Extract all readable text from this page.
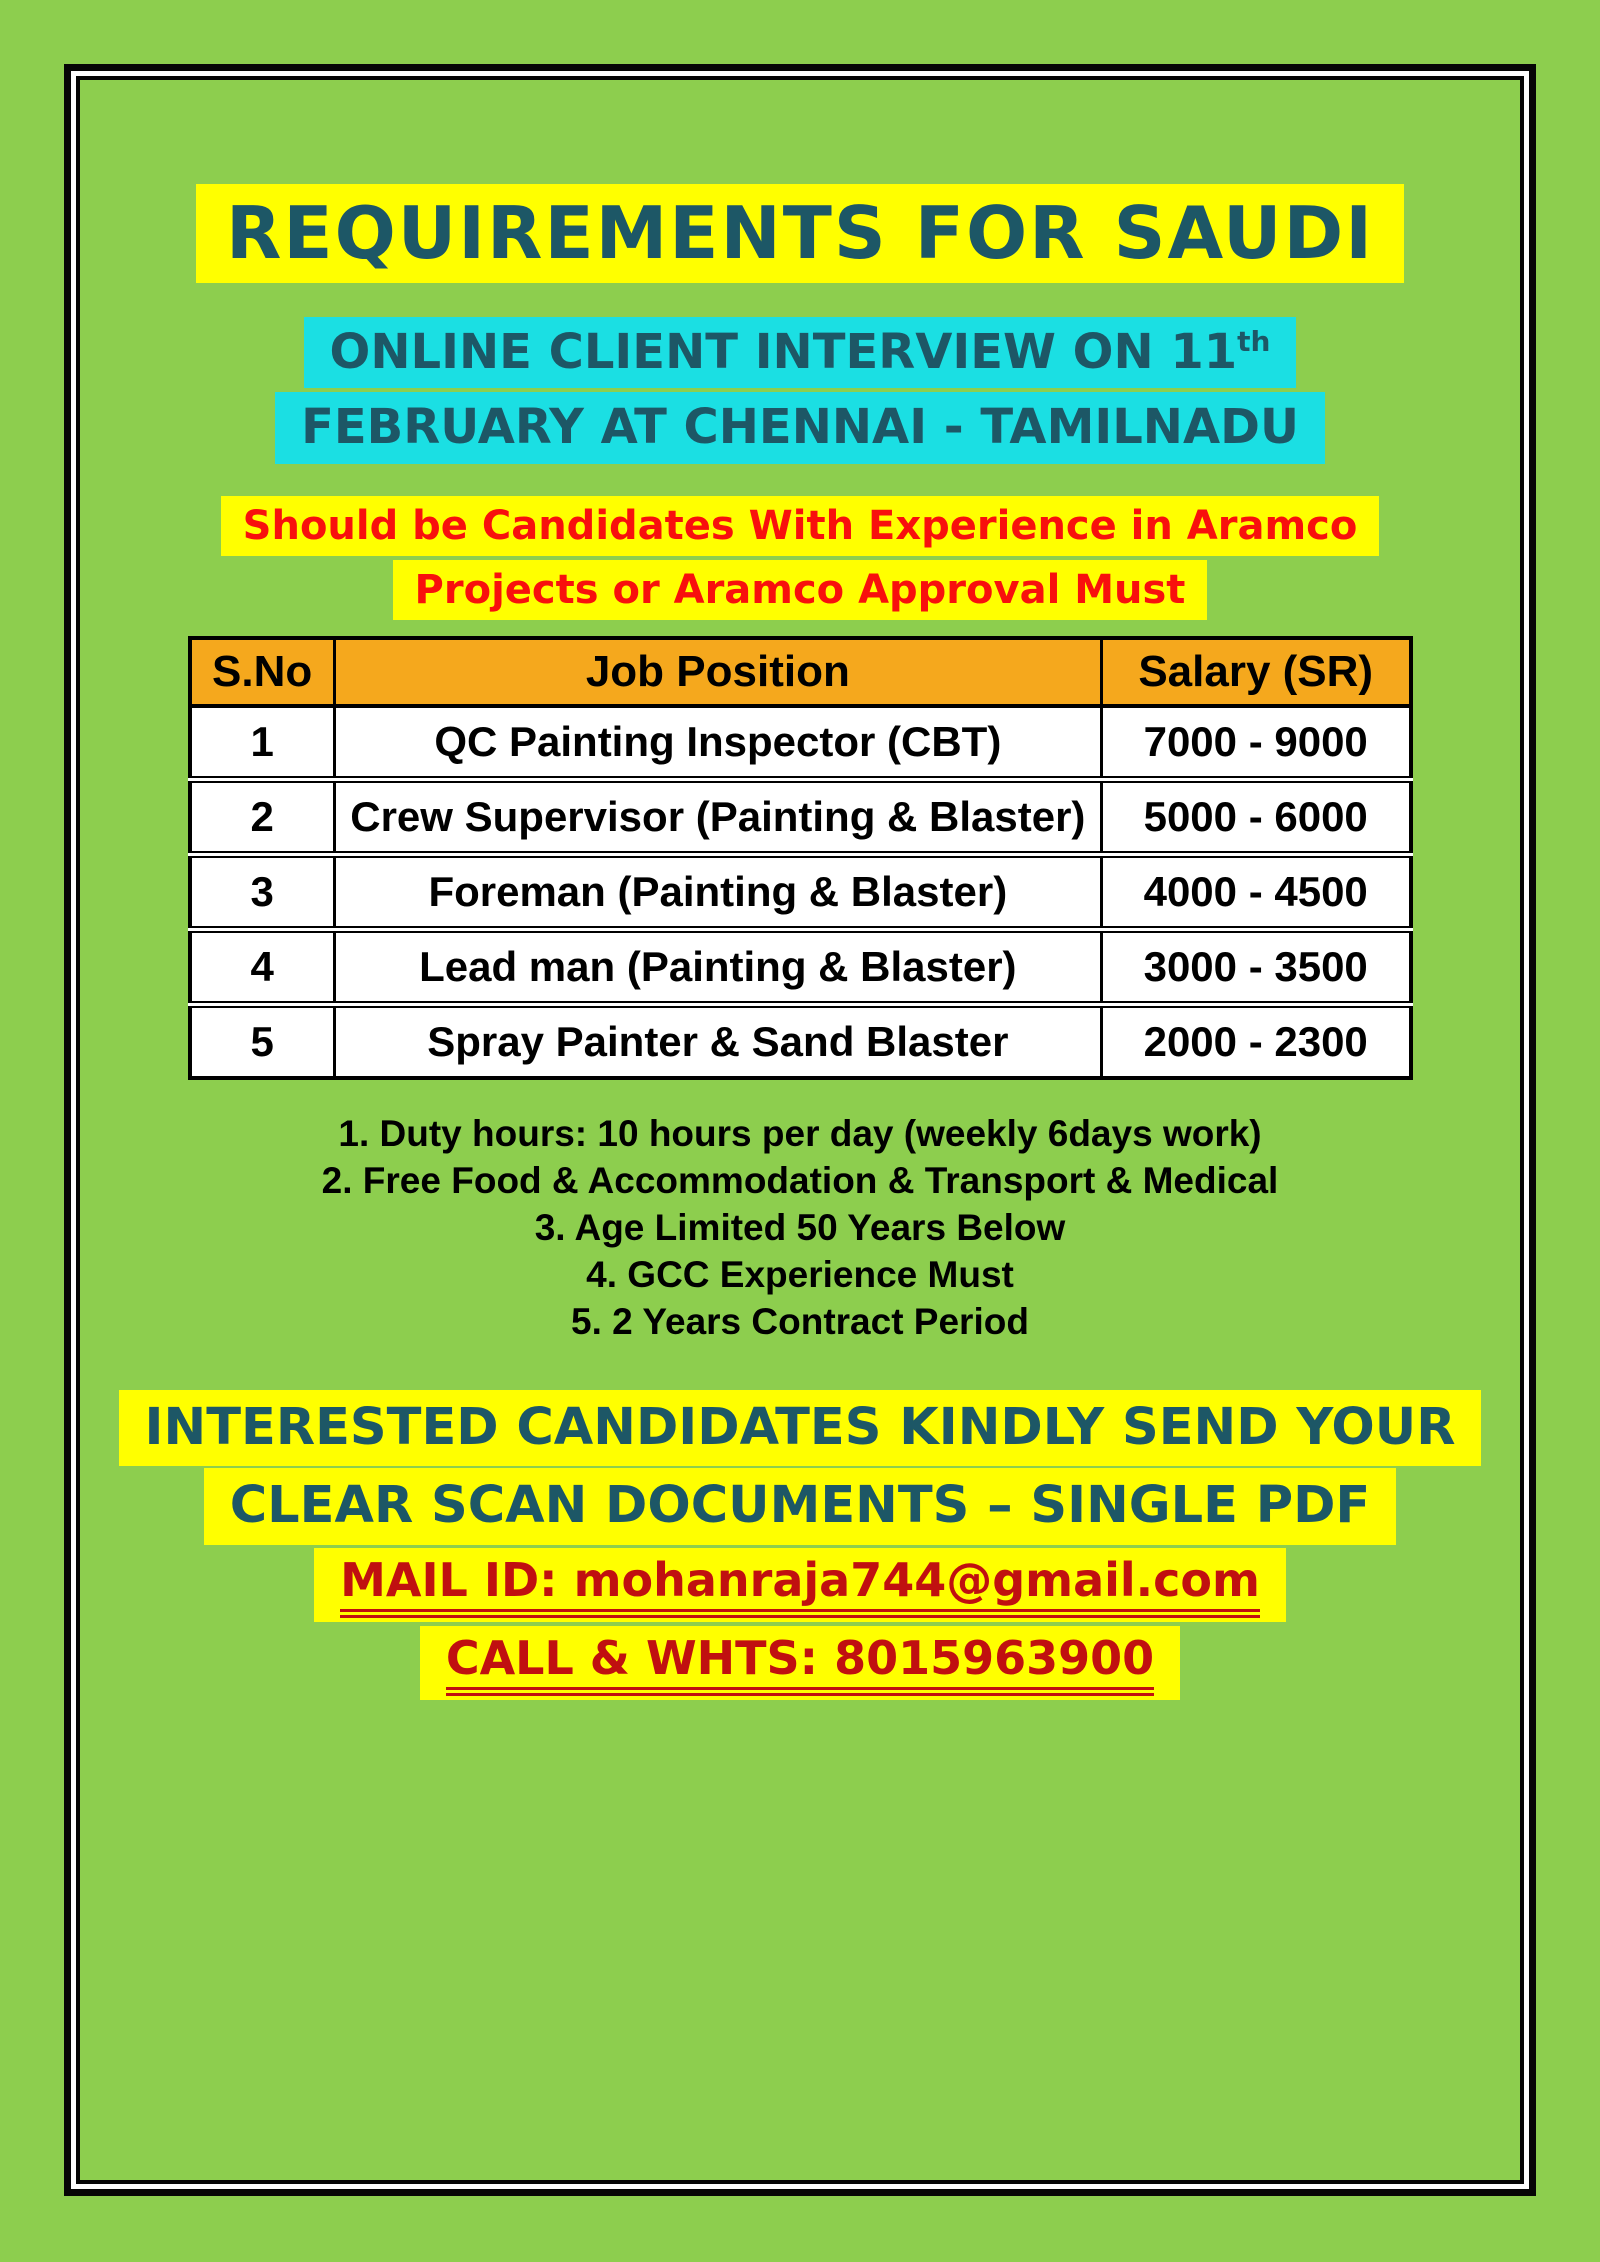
REQUIREMENTS FOR SAUDI
ONLINE CLIENT INTERVIEW ON 11th
FEBRUARY AT CHENNAI - TAMILNADU
Should be Candidates With Experience in Aramco
Projects or Aramco Approval Must
S.No	Job Position	Salary (SR)
1	QC Painting Inspector (CBT)	7000 - 9000
2	Crew Supervisor (Painting & Blaster)	5000 - 6000
3	Foreman (Painting & Blaster)	4000 - 4500
4	Lead man (Painting & Blaster)	3000 - 3500
5	Spray Painter & Sand Blaster	2000 - 2300
1. Duty hours: 10 hours per day (weekly 6days work)
2. Free Food & Accommodation & Transport & Medical
3. Age Limited 50 Years Below
4. GCC Experience Must
5. 2 Years Contract Period
INTERESTED CANDIDATES KINDLY SEND YOUR
CLEAR SCAN DOCUMENTS – SINGLE PDF
MAIL ID: mohanraja744@gmail.com
CALL & WHTS: 8015963900
